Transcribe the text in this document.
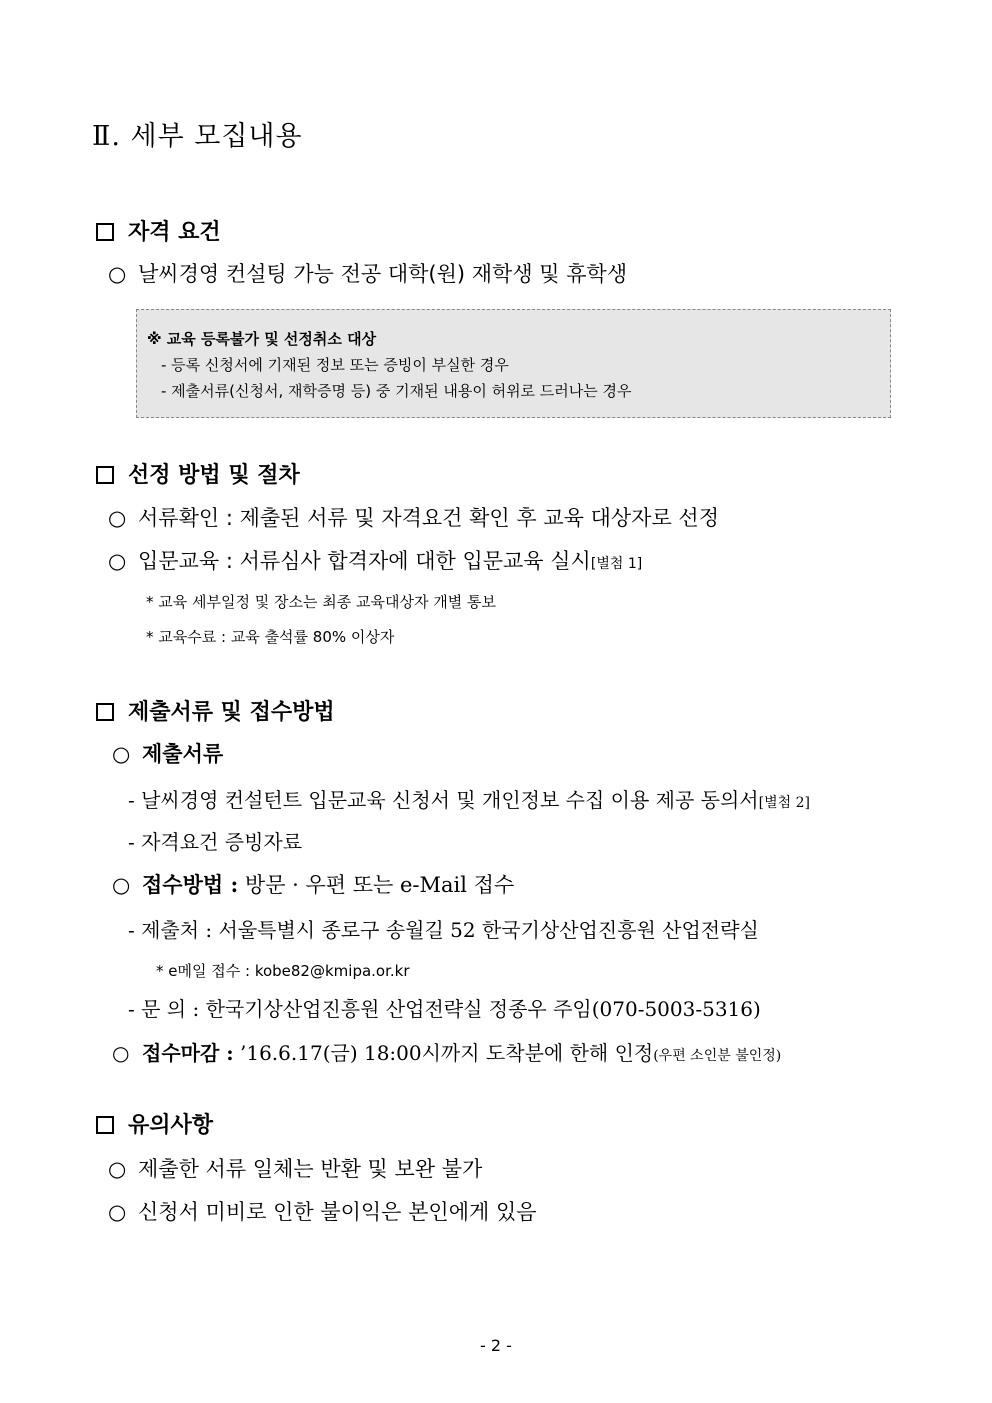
Ⅱ. 세부 모집내용
자격 요건
○ 날씨경영 컨설팅 가능 전공 대학(원) 재학생 및 휴학생
※ 교육 등록불가 및 선정취소 대상
- 등록 신청서에 기재된 정보 또는 증빙이 부실한 경우
- 제출서류(신청서, 재학증명 등) 중 기재된 내용이 허위로 드러나는 경우
선정 방법 및 절차
○ 서류확인 : 제출된 서류 및 자격요건 확인 후 교육 대상자로 선정
○ 입문교육 : 서류심사 합격자에 대한 입문교육 실시[별첨 1]
* 교육 세부일정 및 장소는 최종 교육대상자 개별 통보
* 교육수료 : 교육 출석률 80% 이상자
제출서류 및 접수방법
○ 제출서류
- 날씨경영 컨설턴트 입문교육 신청서 및 개인정보 수집 이용 제공 동의서[별첨 2]
- 자격요건 증빙자료
○ 접수방법 : 방문 · 우편 또는 e-Mail 접수
- 제출처 : 서울특별시 종로구 송월길 52 한국기상산업진흥원 산업전략실
* e메일 접수 : kobe82@kmipa.or.kr
- 문 의 : 한국기상산업진흥원 산업전략실 정종우 주임(070-5003-5316)
○ 접수마감 : ’16.6.17(금) 18:00시까지 도착분에 한해 인정(우편 소인분 불인정)
유의사항
○ 제출한 서류 일체는 반환 및 보완 불가
○ 신청서 미비로 인한 불이익은 본인에게 있음
- 2 -
